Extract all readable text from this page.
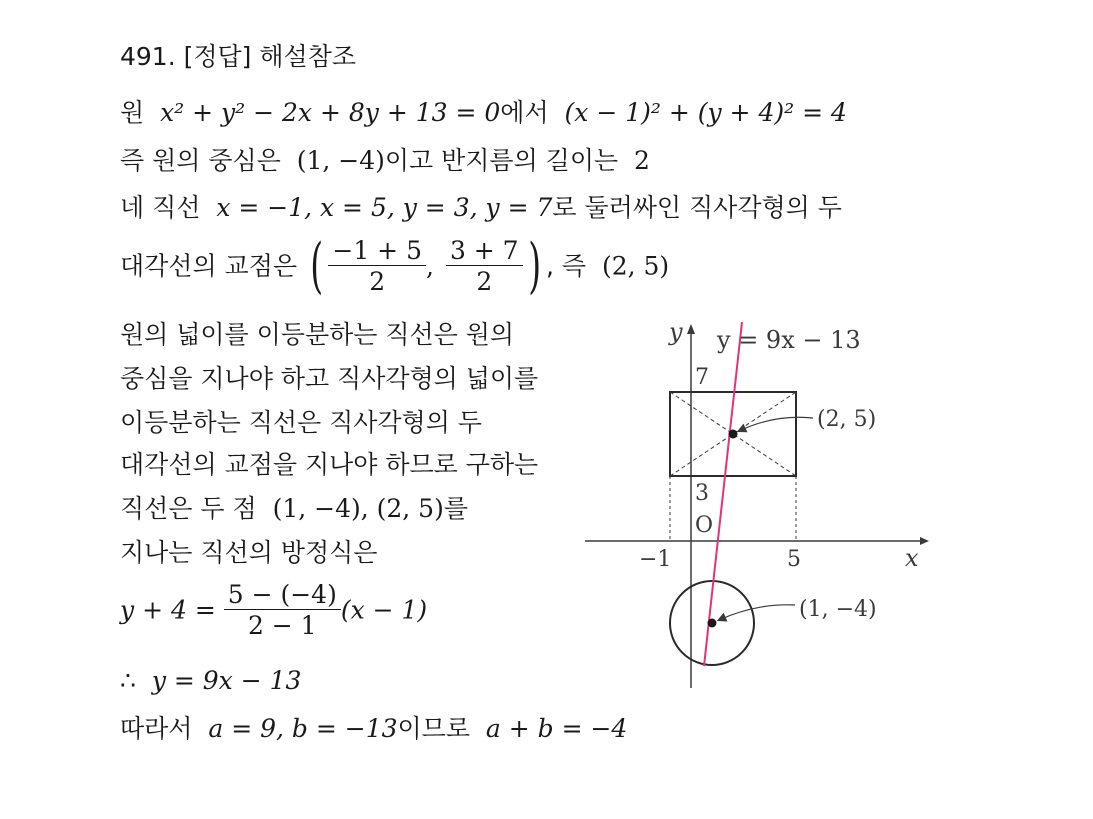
491. [정답] 해설참조
원 x² + y² − 2x + 8y + 13 = 0에서 (x − 1)² + (y + 4)² = 4
즉 원의 중심은 (1, −4)이고 반지름의 길이는 2
네 직선 x = −1, x = 5, y = 3, y = 7로 둘러싸인 직사각형의 두
대각선의 교점은 ( $\frac{-1 + 5}{2}$ , $\frac{3 + 7}{2}$ ) , 즉 (2, 5)
원의 넓이를 이등분하는 직선은 원의
중심을 지나야 하고 직사각형의 넓이를
이등분하는 직선은 직사각형의 두
대각선의 교점을 지나야 하므로 구하는
직선은 두 점 (1, −4), (2, 5)를
지나는 직선의 방정식은
$y + 4 = \frac{5 - (-4)}{2 - 1} (x - 1)$
∴ y = 9x − 13
따라서 a = 9, b = −13이므로 a + b = −4
y y = 9x − 13
7
(2, 5)
3
O
−1	5	x
(1, −4)
